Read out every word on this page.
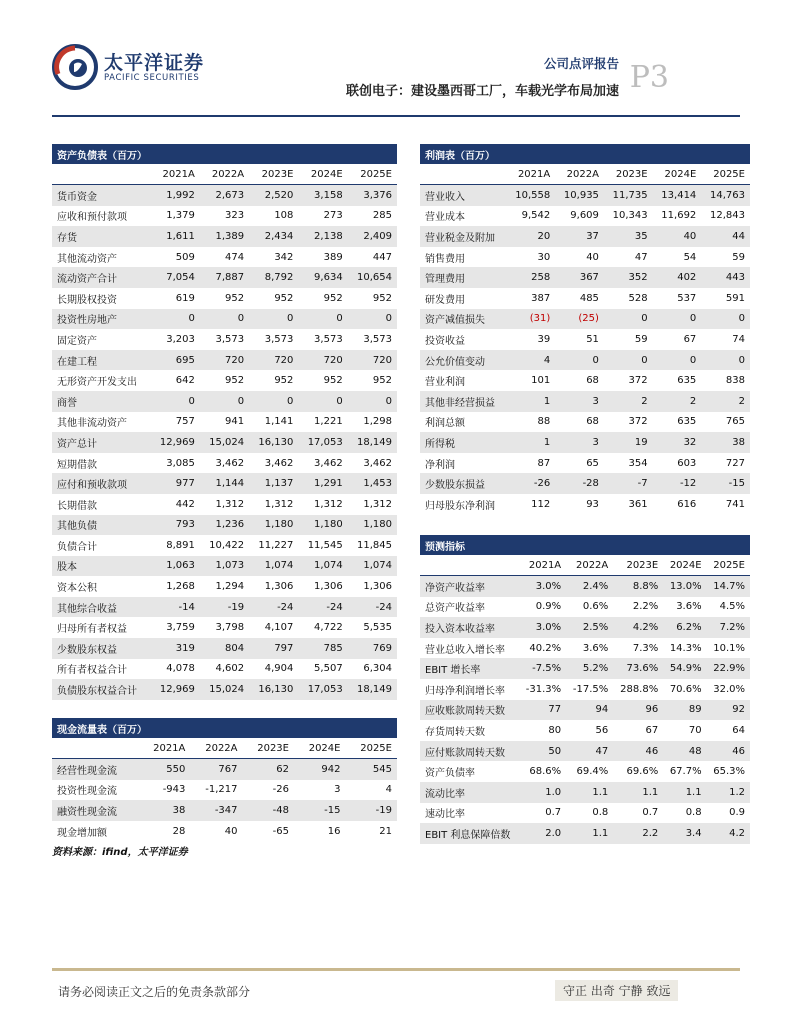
太平洋证券
PACIFIC SECURITIES
公司点评报告 P3
联创电子：建设墨西哥工厂，车载光学布局加速
资产负债表（百万）					
	2021A	2022A	2023E	2024E	2025E
货币资金	1,992	2,673	2,520	3,158	3,376
应收和预付款项	1,379	323	108	273	285
存货	1,611	1,389	2,434	2,138	2,409
其他流动资产	509	474	342	389	447
流动资产合计	7,054	7,887	8,792	9,634	10,654
长期股权投资	619	952	952	952	952
投资性房地产	0	0	0	0	0
固定资产	3,203	3,573	3,573	3,573	3,573
在建工程	695	720	720	720	720
无形资产开发支出	642	952	952	952	952
商誉	0	0	0	0	0
其他非流动资产	757	941	1,141	1,221	1,298
资产总计	12,969	15,024	16,130	17,053	18,149
短期借款	3,085	3,462	3,462	3,462	3,462
应付和预收款项	977	1,144	1,137	1,291	1,453
长期借款	442	1,312	1,312	1,312	1,312
其他负债	793	1,236	1,180	1,180	1,180
负债合计	8,891	10,422	11,227	11,545	11,845
股本	1,063	1,073	1,074	1,074	1,074
资本公积	1,268	1,294	1,306	1,306	1,306
其他综合收益	-14	-19	-24	-24	-24
归母所有者权益	3,759	3,798	4,107	4,722	5,535
少数股东权益	319	804	797	785	769
所有者权益合计	4,078	4,602	4,904	5,507	6,304
负债股东权益合计	12,969	15,024	16,130	17,053	18,149
利润表（百万）					
	2021A	2022A	2023E	2024E	2025E
营业收入	10,558	10,935	11,735	13,414	14,763
营业成本	9,542	9,609	10,343	11,692	12,843
营业税金及附加	20	37	35	40	44
销售费用	30	40	47	54	59
管理费用	258	367	352	402	443
研发费用	387	485	528	537	591
资产减值损失	(31)	(25)	0	0	0
投资收益	39	51	59	67	74
公允价值变动	4	0	0	0	0
营业利润	101	68	372	635	838
其他非经营损益	1	3	2	2	2
利润总额	88	68	372	635	765
所得税	1	3	19	32	38
净利润	87	65	354	603	727
少数股东损益	-26	-28	-7	-12	-15
归母股东净利润	112	93	361	616	741
预测指标					
	2021A	2022A	2023E	2024E	2025E
净资产收益率	3.0%	2.4%	8.8%	13.0%	14.7%
总资产收益率	0.9%	0.6%	2.2%	3.6%	4.5%
投入资本收益率	3.0%	2.5%	4.2%	6.2%	7.2%
营业总收入增长率	40.2%	3.6%	7.3%	14.3%	10.1%
EBIT 增长率	-7.5%	5.2%	73.6%	54.9%	22.9%
归母净利润增长率	-31.3%	-17.5%	288.8%	70.6%	32.0%
应收账款周转天数	77	94	96	89	92
存货周转天数	80	56	67	70	64
应付账款周转天数	50	47	46	48	46
资产负债率	68.6%	69.4%	69.6%	67.7%	65.3%
流动比率	1.0	1.1	1.1	1.1	1.2
速动比率	0.7	0.8	0.7	0.8	0.9
EBIT 利息保障倍数	2.0	1.1	2.2	3.4	4.2
现金流量表（百万）					
	2021A	2022A	2023E	2024E	2025E
经营性现金流	550	767	62	942	545
投资性现金流	-943	-1,217	-26	3	4
融资性现金流	38	-347	-48	-15	-19
现金增加额	28	40	-65	16	21
资料来源：ifind，太平洋证券
请务必阅读正文之后的免责条款部分	守正 出奇 宁静 致远
